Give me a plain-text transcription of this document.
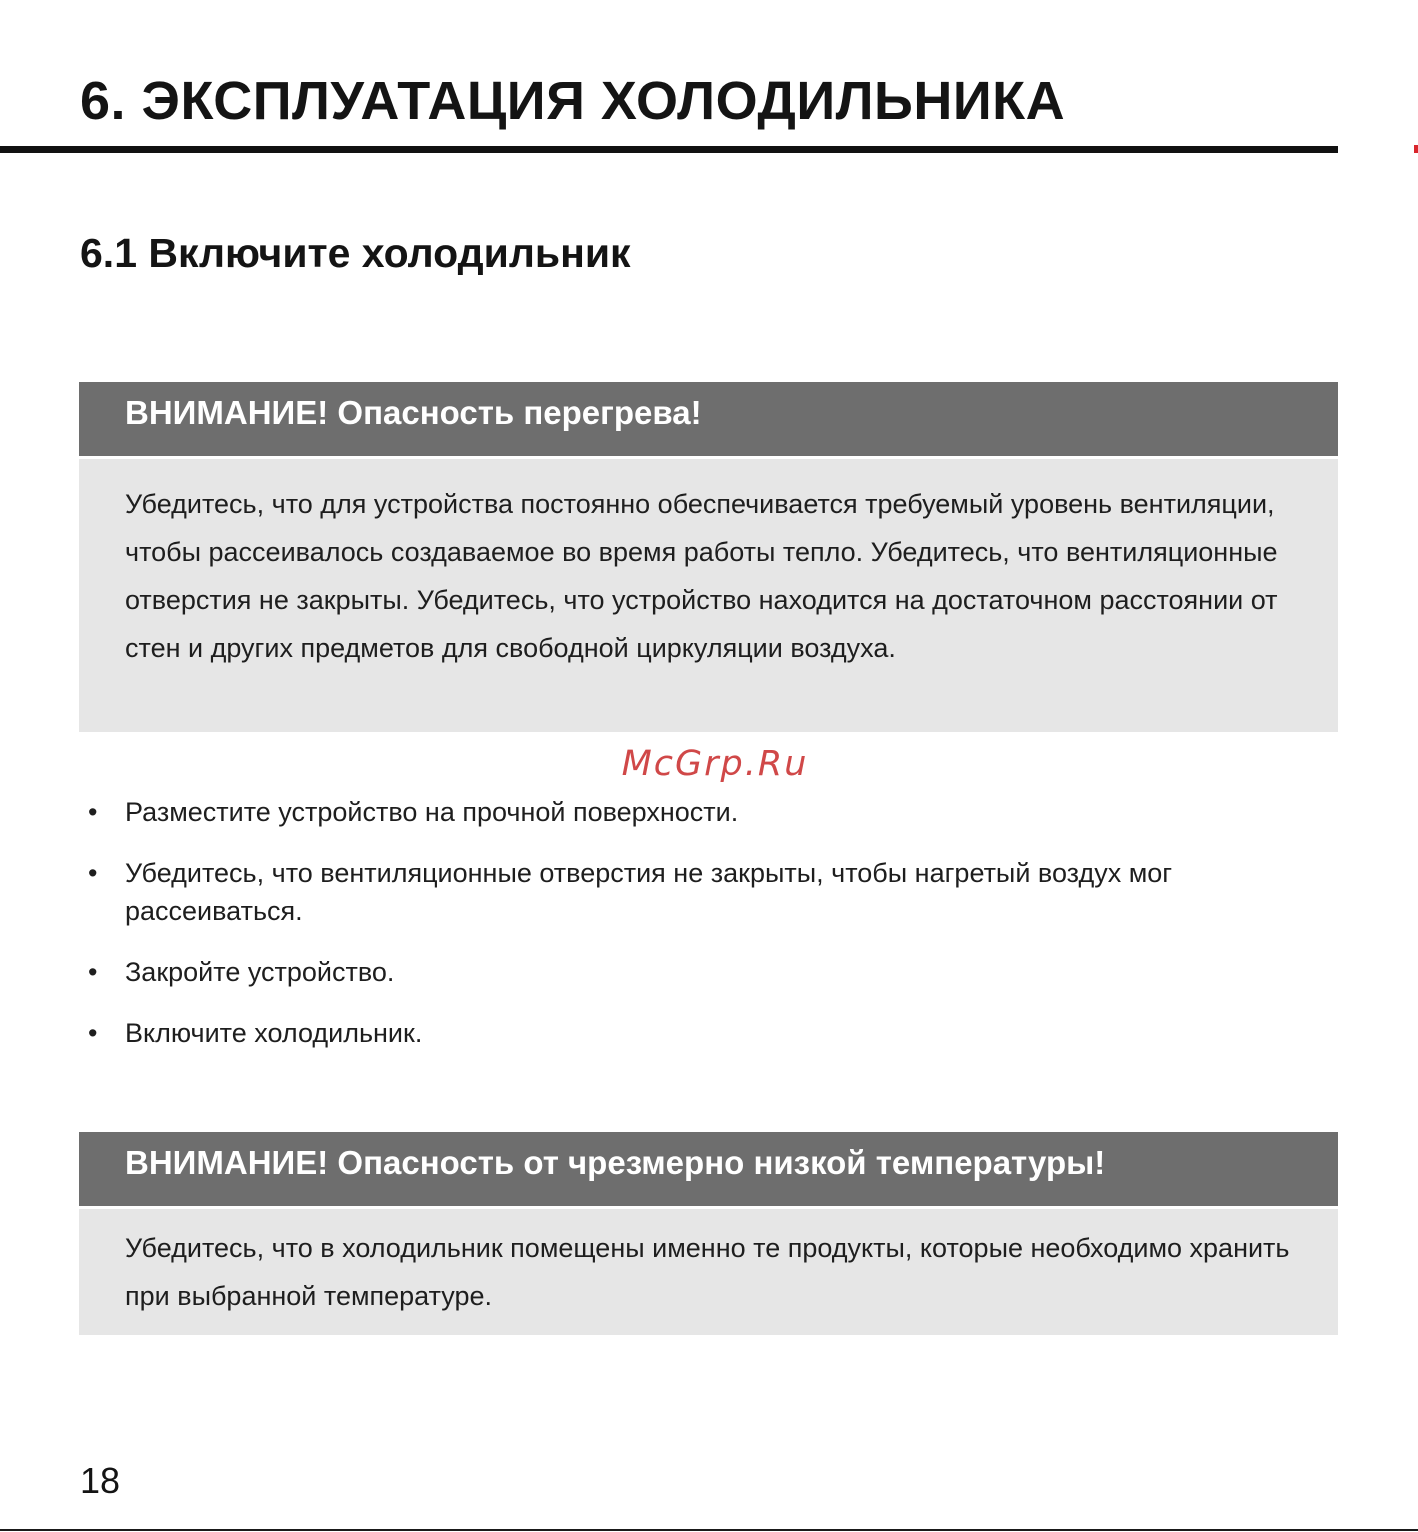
6. ЭКСПЛУАТАЦИЯ ХОЛОДИЛЬНИКА
6.1 Включите холодильник
ВНИМАНИЕ! Опасность перегрева!

Убедитесь, что для устройства постоянно обеспечивается требуемый уровень вентиляции, чтобы рассеивалось создаваемое во время работы тепло. Убедитесь, что вентиляционные отверстия не закрыты. Убедитесь, что устройство находится на достаточном расстоянии от стен и других предметов для свободной циркуляции воздуха.

McGrp.Ru
• Разместите устройство на прочной поверхности.
• Убедитесь, что вентиляционные отверстия не закрыты, чтобы нагретый воздух мог рассеиваться.
• Закройте устройство.
• Включите холодильник.
ВНИМАНИЕ! Опасность от чрезмерно низкой температуры!

Убедитесь, что в холодильник помещены именно те продукты, которые необходимо хранить при выбранной температуре.

18
